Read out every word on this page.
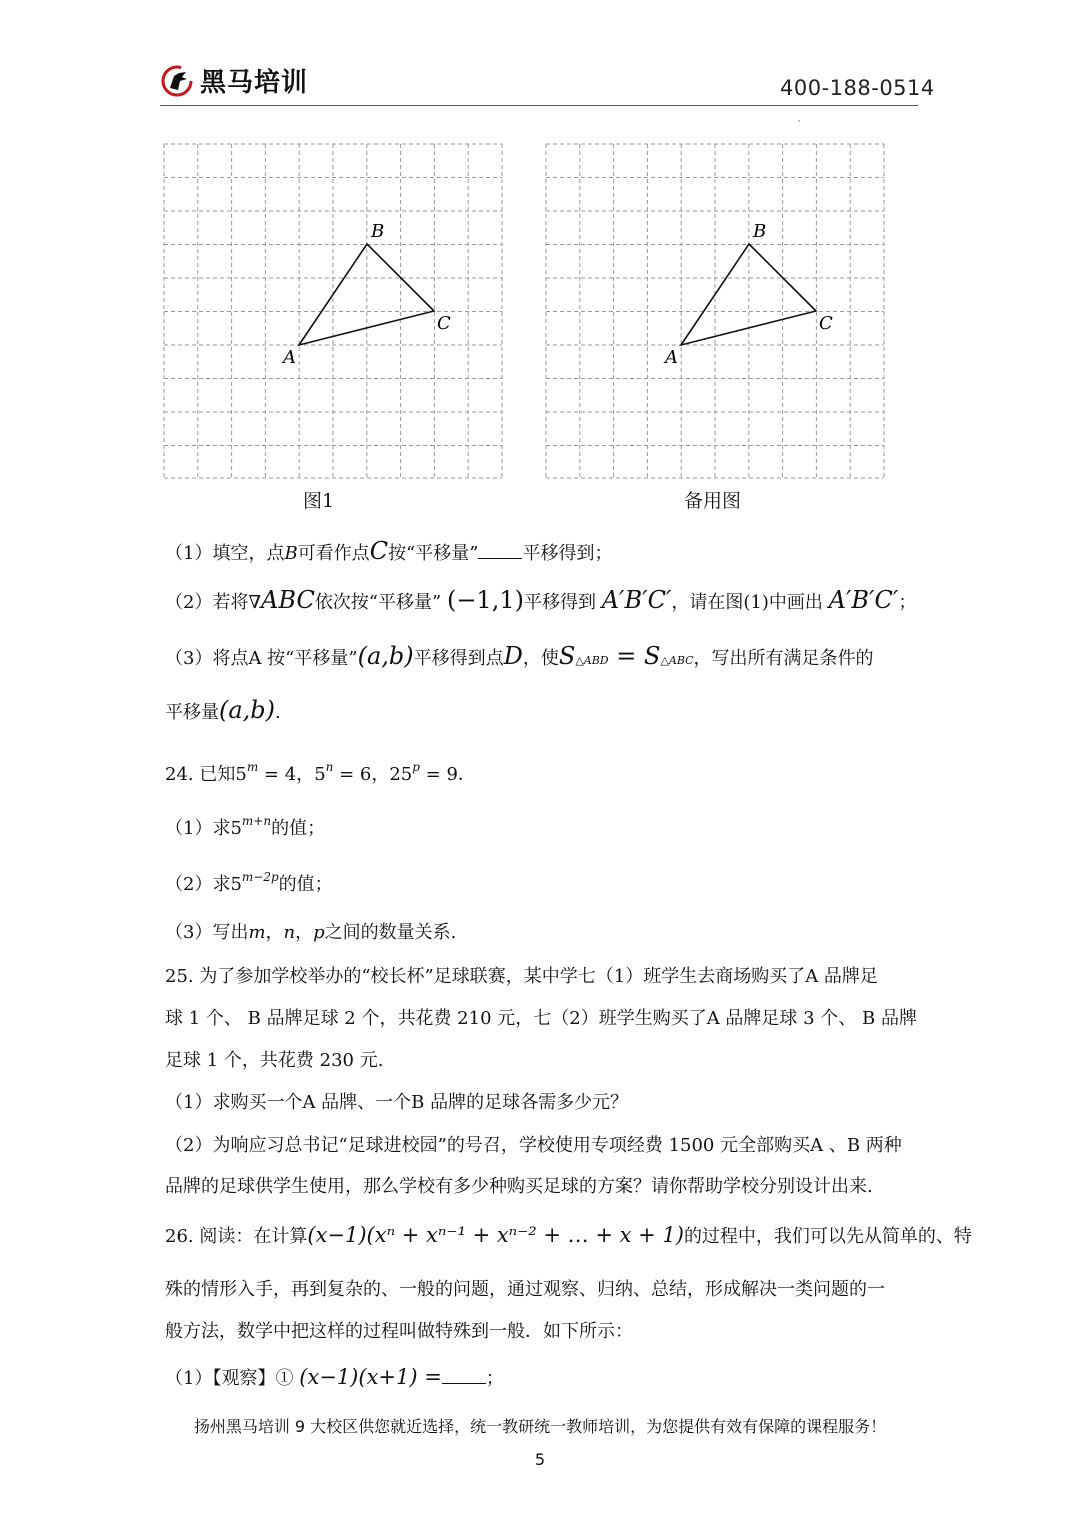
黑马培训	400-188-0514
A
B
C
图1
A
B
C
备用图
（1）填空，点B可看作点C按“平移量” 平移得到；
（2）若将∇ABC依次按“平移量” (−1,1)平移得到 A′B′C′，请在图(1)中画出 A′B′C′；
（3）将点A 按“平移量”(a,b)平移得到点D，使S△ABD = S△ABC，写出所有满足条件的
平移量(a,b).
24. 已知$5^m = 4$，$5^n = 6$，$25^p = 9$．
（1）求$5^{m+n}$的值；
（2）求$5^{m-2p}$的值；
（3）写出m，n，p之间的数量关系.
25. 为了参加学校举办的“校长杯”足球联赛，某中学七（1）班学生去商场购买了A 品牌足
球 1 个、 B 品牌足球 2 个，共花费 210 元，七（2）班学生购买了A 品牌足球 3 个、 B 品牌
足球 1 个，共花费 230 元.
（1）求购买一个A 品牌、一个B 品牌的足球各需多少元？
（2）为响应习总书记“足球进校园”的号召，学校使用专项经费 1500 元全部购买A 、B 两种
品牌的足球供学生使用，那么学校有多少种购买足球的方案？请你帮助学校分别设计出来.
26. 阅读：在计算(x−1)(xⁿ + xⁿ⁻¹ + xⁿ⁻² + … + x + 1)的过程中，我们可以先从简单的、特
殊的情形入手，再到复杂的、一般的问题，通过观察、归纳、总结，形成解决一类问题的一
般方法，数学中把这样的过程叫做特殊到一般．如下所示：
（1）【观察】① (x−1)(x+1) = ；
扬州黑马培训 9 大校区供您就近选择，统一教研统一教师培训，为您提供有效有保障的课程服务！
5
